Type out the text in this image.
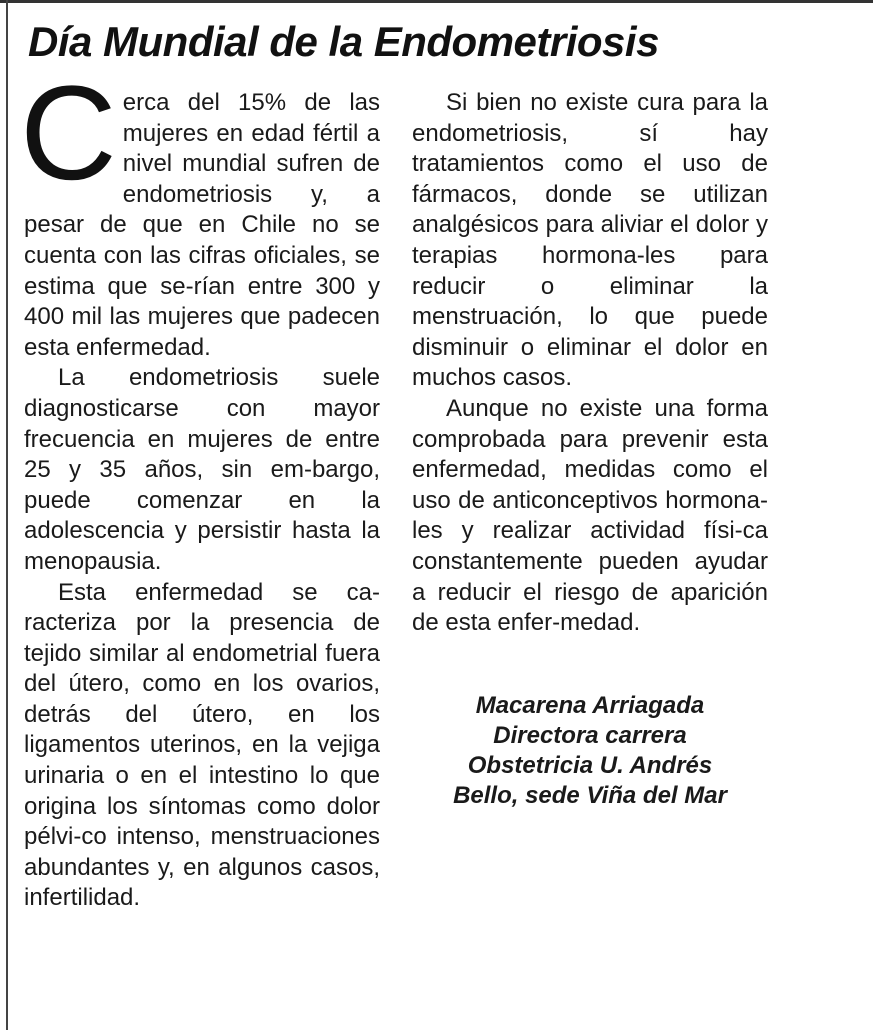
Día Mundial de la Endometriosis

Cerca del 15% de las mujeres en edad fértil a nivel mundial sufren de endometriosis y, a pesar de que en Chile no se cuenta con las cifras oficiales, se estima que se-rían entre 300 y 400 mil las mujeres que padecen esta enfermedad.

La endometriosis suele diagnosticarse con mayor frecuencia en mujeres de entre 25 y 35 años, sin em-bargo, puede comenzar en la adolescencia y persistir hasta la menopausia.

Esta enfermedad se ca-racteriza por la presencia de tejido similar al endometrial fuera del útero, como en los ovarios, detrás del útero, en los ligamentos uterinos, en la vejiga urinaria o en el intestino lo que origina los síntomas como dolor pélvi-co intenso, menstruaciones abundantes y, en algunos casos, infertilidad.

Si bien no existe cura para la endometriosis, sí hay tratamientos como el uso de fármacos, donde se utilizan analgésicos para aliviar el dolor y terapias hormona-les para reducir o eliminar la menstruación, lo que puede disminuir o eliminar el dolor en muchos casos.

Aunque no existe una forma comprobada para prevenir esta enfermedad, medidas como el uso de anticonceptivos hormona-les y realizar actividad físi-ca constantemente pueden ayudar a reducir el riesgo de aparición de esta enfer-medad.

Macarena Arriagada
Directora carrera
Obstetricia U. Andrés
Bello, sede Viña del Mar
